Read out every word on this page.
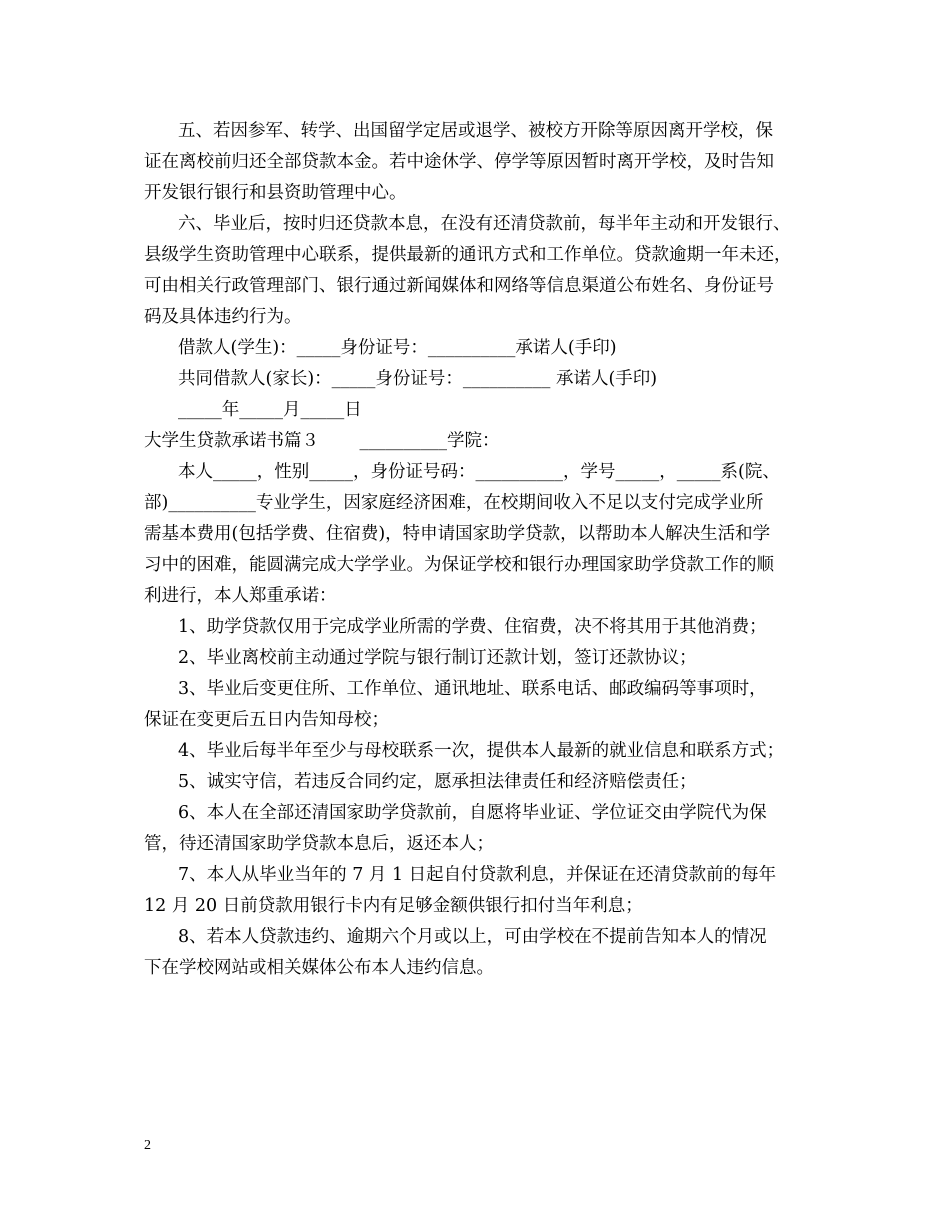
五、若因参军、转学、出国留学定居或退学、被校方开除等原因离开学校，保
证在离校前归还全部贷款本金。若中途休学、停学等原因暂时离开学校，及时告知
开发银行银行和县资助管理中心。
六、毕业后，按时归还贷款本息，在没有还清贷款前，每半年主动和开发银行、
县级学生资助管理中心联系，提供最新的通讯方式和工作单位。贷款逾期一年未还，
可由相关行政管理部门、银行通过新闻媒体和网络等信息渠道公布姓名、身份证号
码及具体违约行为。
借款人(学生)：_____身份证号：__________承诺人(手印)
共同借款人(家长)：_____身份证号：__________ 承诺人(手印)
_____年_____月_____日
大学生贷款承诺书篇３　　 __________学院：
本人_____，性别_____，身份证号码：__________，学号_____，_____系(院、
部)__________专业学生，因家庭经济困难，在校期间收入不足以支付完成学业所
需基本费用(包括学费、住宿费)，特申请国家助学贷款，以帮助本人解决生活和学
习中的困难，能圆满完成大学学业。为保证学校和银行办理国家助学贷款工作的顺
利进行，本人郑重承诺：
1、助学贷款仅用于完成学业所需的学费、住宿费，决不将其用于其他消费；
2、毕业离校前主动通过学院与银行制订还款计划，签订还款协议；
3、毕业后变更住所、工作单位、通讯地址、联系电话、邮政编码等事项时，
保证在变更后五日内告知母校；
4、毕业后每半年至少与母校联系一次，提供本人最新的就业信息和联系方式；
5、诚实守信，若违反合同约定，愿承担法律责任和经济赔偿责任；
6、本人在全部还清国家助学贷款前，自愿将毕业证、学位证交由学院代为保
管，待还清国家助学贷款本息后，返还本人；
7、本人从毕业当年的 7 月 1 日起自付贷款利息，并保证在还清贷款前的每年
12 月 20 日前贷款用银行卡内有足够金额供银行扣付当年利息；
8、若本人贷款违约、逾期六个月或以上，可由学校在不提前告知本人的情况
下在学校网站或相关媒体公布本人违约信息。
2
